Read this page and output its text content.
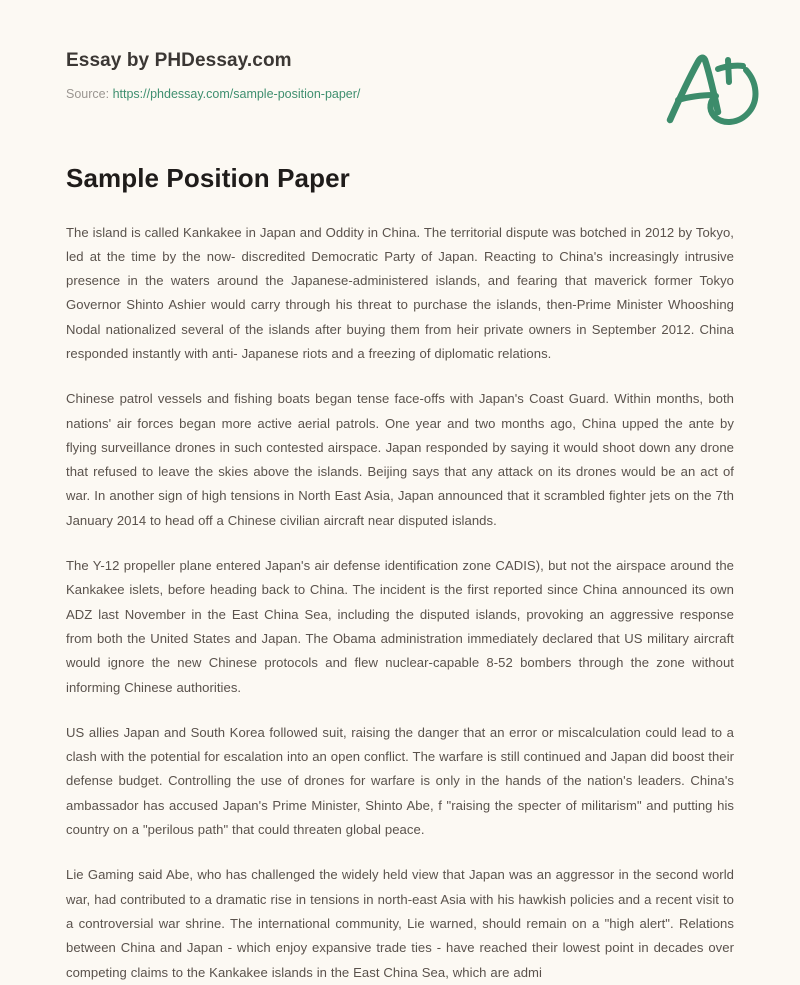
Essay by PHDessay.com
Source: https://phdessay.com/sample-position-paper/
Sample Position Paper

The island is called Kankakee in Japan and Oddity in China. The territorial dispute was botched in 2012 by Tokyo, led at the time by the now- discredited Democratic Party of Japan. Reacting to China's increasingly intrusive presence in the waters around the Japanese-administered islands, and fearing that maverick former Tokyo Governor Shinto Ashier would carry through his threat to purchase the islands, then-Prime Minister Whooshing Nodal nationalized several of the islands after buying them from heir private owners in September 2012. China responded instantly with anti- Japanese riots and a freezing of diplomatic relations.

Chinese patrol vessels and fishing boats began tense face-offs with Japan's Coast Guard. Within months, both nations' air forces began more active aerial patrols. One year and two months ago, China upped the ante by flying surveillance drones in such contested airspace. Japan responded by saying it would shoot down any drone that refused to leave the skies above the islands. Beijing says that any attack on its drones would be an act of war. In another sign of high tensions in North East Asia, Japan announced that it scrambled fighter jets on the 7th January 2014 to head off a Chinese civilian aircraft near disputed islands.

The Y-12 propeller plane entered Japan's air defense identification zone CADIS), but not the airspace around the Kankakee islets, before heading back to China. The incident is the first reported since China announced its own ADZ last November in the East China Sea, including the disputed islands, provoking an aggressive response from both the United States and Japan. The Obama administration immediately declared that US military aircraft would ignore the new Chinese protocols and flew nuclear-capable 8-52 bombers through the zone without informing Chinese authorities.

US allies Japan and South Korea followed suit, raising the danger that an error or miscalculation could lead to a clash with the potential for escalation into an open conflict. The warfare is still continued and Japan did boost their defense budget. Controlling the use of drones for warfare is only in the hands of the nation's leaders. China's ambassador has accused Japan's Prime Minister, Shinto Abe, f "raising the specter of militarism" and putting his country on a "perilous path" that could threaten global peace.

Lie Gaming said Abe, who has challenged the widely held view that Japan was an aggressor in the second world war, had contributed to a dramatic rise in tensions in north-east Asia with his hawkish policies and a recent visit to a controversial war shrine. The international community, Lie warned, should remain on a "high alert". Relations between China and Japan - which enjoy expansive trade ties - have reached their lowest point in decades over competing claims to the Kankakee islands in the East China Sea, which are admi
